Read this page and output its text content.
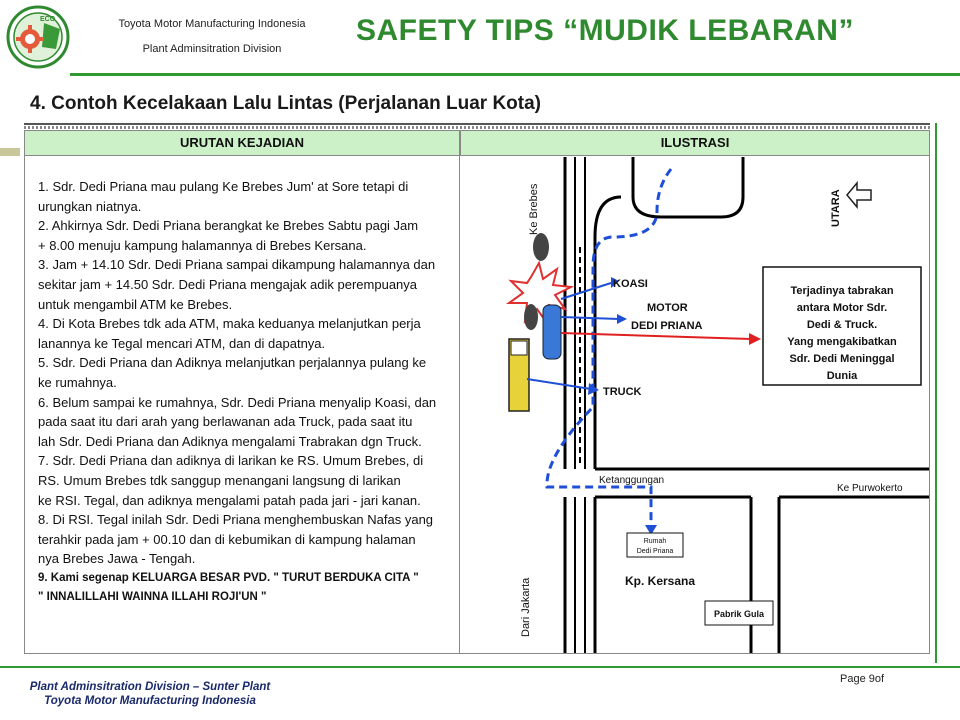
ECO	Toyota Motor Manufacturing Indonesia
Plant Adminsitration Division
SAFETY TIPS “MUDIK LEBARAN”
4. Contoh Kecelakaan Lalu Lintas (Perjalanan Luar Kota)
URUTAN KEJADIAN	ILUSTRASI
1. Sdr. Dedi Priana mau pulang Ke Brebes Jum' at Sore tetapi di
urungkan niatnya.
2. Ahkirnya Sdr. Dedi Priana berangkat ke Brebes Sabtu pagi Jam
+ 8.00 menuju kampung halamannya di Brebes Kersana.
3. Jam + 14.10 Sdr. Dedi Priana sampai dikampung halamannya dan
sekitar jam + 14.50 Sdr. Dedi Priana mengajak adik perempuanya
untuk mengambil ATM ke Brebes.
4. Di Kota Brebes tdk ada ATM, maka keduanya melanjutkan perja
lanannya ke Tegal mencari ATM, dan di dapatnya.
5. Sdr. Dedi Priana dan Adiknya melanjutkan perjalannya pulang ke
ke rumahnya.
6. Belum sampai ke rumahnya, Sdr. Dedi Priana menyalip Koasi, dan
pada saat itu dari arah yang berlawanan ada Truck, pada saat itu
lah Sdr. Dedi Priana dan Adiknya mengalami Trabrakan dgn Truck.
7. Sdr. Dedi Priana dan adiknya di larikan ke RS. Umum Brebes, di
RS. Umum Brebes tdk sanggup menangani langsung di larikan
ke RSI. Tegal, dan adiknya mengalami patah pada jari - jari kanan.
8. Di RSI. Tegal inilah Sdr. Dedi Priana menghembuskan Nafas yang
terahkir pada jam + 00.10 dan di kebumikan di kampung halaman
nya Brebes Jawa - Tengah.
9. Kami segenap KELUARGA BESAR PVD. " TURUT BERDUKA CITA "
" INNALILLAHI WAINNA ILLAHI ROJI'UN "
Ke Brebes	UTARA
KOASI
MOTOR
DEDI PRIANA
TRUCK
Terjadinya tabrakan
antara Motor Sdr.
Dedi & Truck.
Yang mengakibatkan
Sdr. Dedi Meninggal
Dunia
Ketanggungan
Ke Purwokerto
Rumah
Dedi Priana
Kp. Kersana
Pabrik Gula
Dari Jakarta
Plant Adminsitration Division – Sunter Plant
Toyota Motor Manufacturing Indonesia
Page 9of
